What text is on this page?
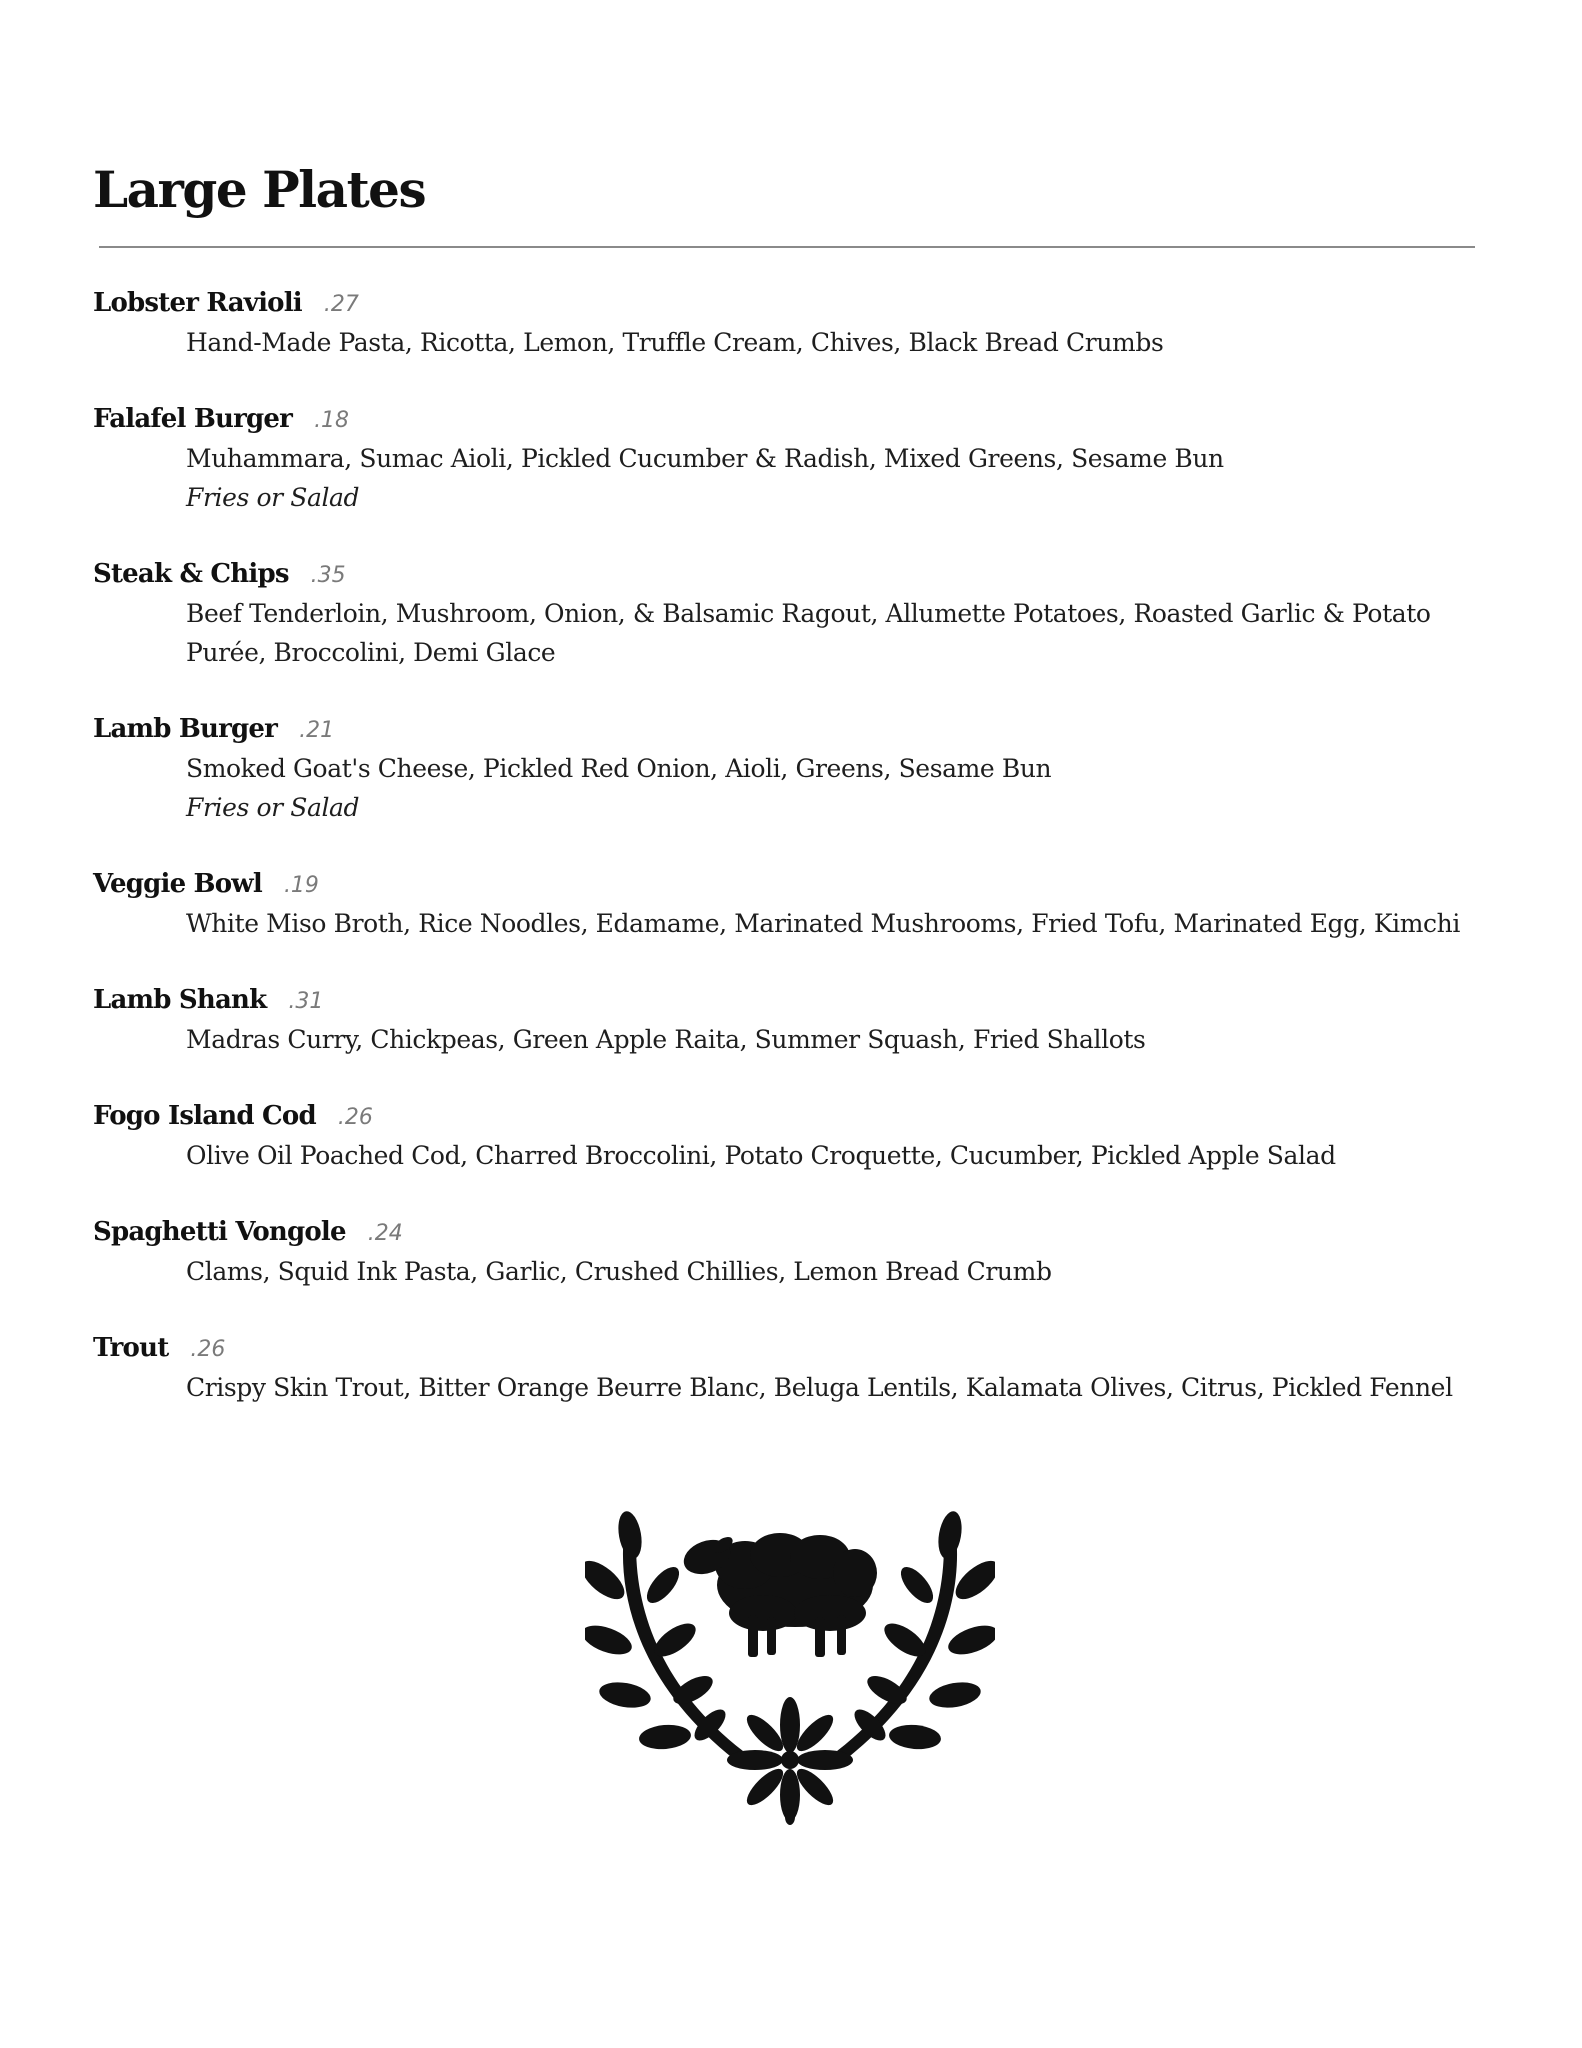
Large Plates
Lobster Ravioli .27
Hand-Made Pasta, Ricotta, Lemon, Truffle Cream, Chives, Black Bread Crumbs
Falafel Burger .18
Muhammara, Sumac Aioli, Pickled Cucumber & Radish, Mixed Greens, Sesame Bun
Fries or Salad
Steak & Chips .35
Beef Tenderloin, Mushroom, Onion, & Balsamic Ragout, Allumette Potatoes, Roasted Garlic & Potato Purée, Broccolini, Demi Glace
Lamb Burger .21
Smoked Goat's Cheese, Pickled Red Onion, Aioli, Greens, Sesame Bun
Fries or Salad
Veggie Bowl .19
White Miso Broth, Rice Noodles, Edamame, Marinated Mushrooms, Fried Tofu, Marinated Egg, Kimchi
Lamb Shank .31
Madras Curry, Chickpeas, Green Apple Raita, Summer Squash, Fried Shallots
Fogo Island Cod .26
Olive Oil Poached Cod, Charred Broccolini, Potato Croquette, Cucumber, Pickled Apple Salad
Spaghetti Vongole .24
Clams, Squid Ink Pasta, Garlic, Crushed Chillies, Lemon Bread Crumb
Trout .26
Crispy Skin Trout, Bitter Orange Beurre Blanc, Beluga Lentils, Kalamata Olives, Citrus, Pickled Fennel
